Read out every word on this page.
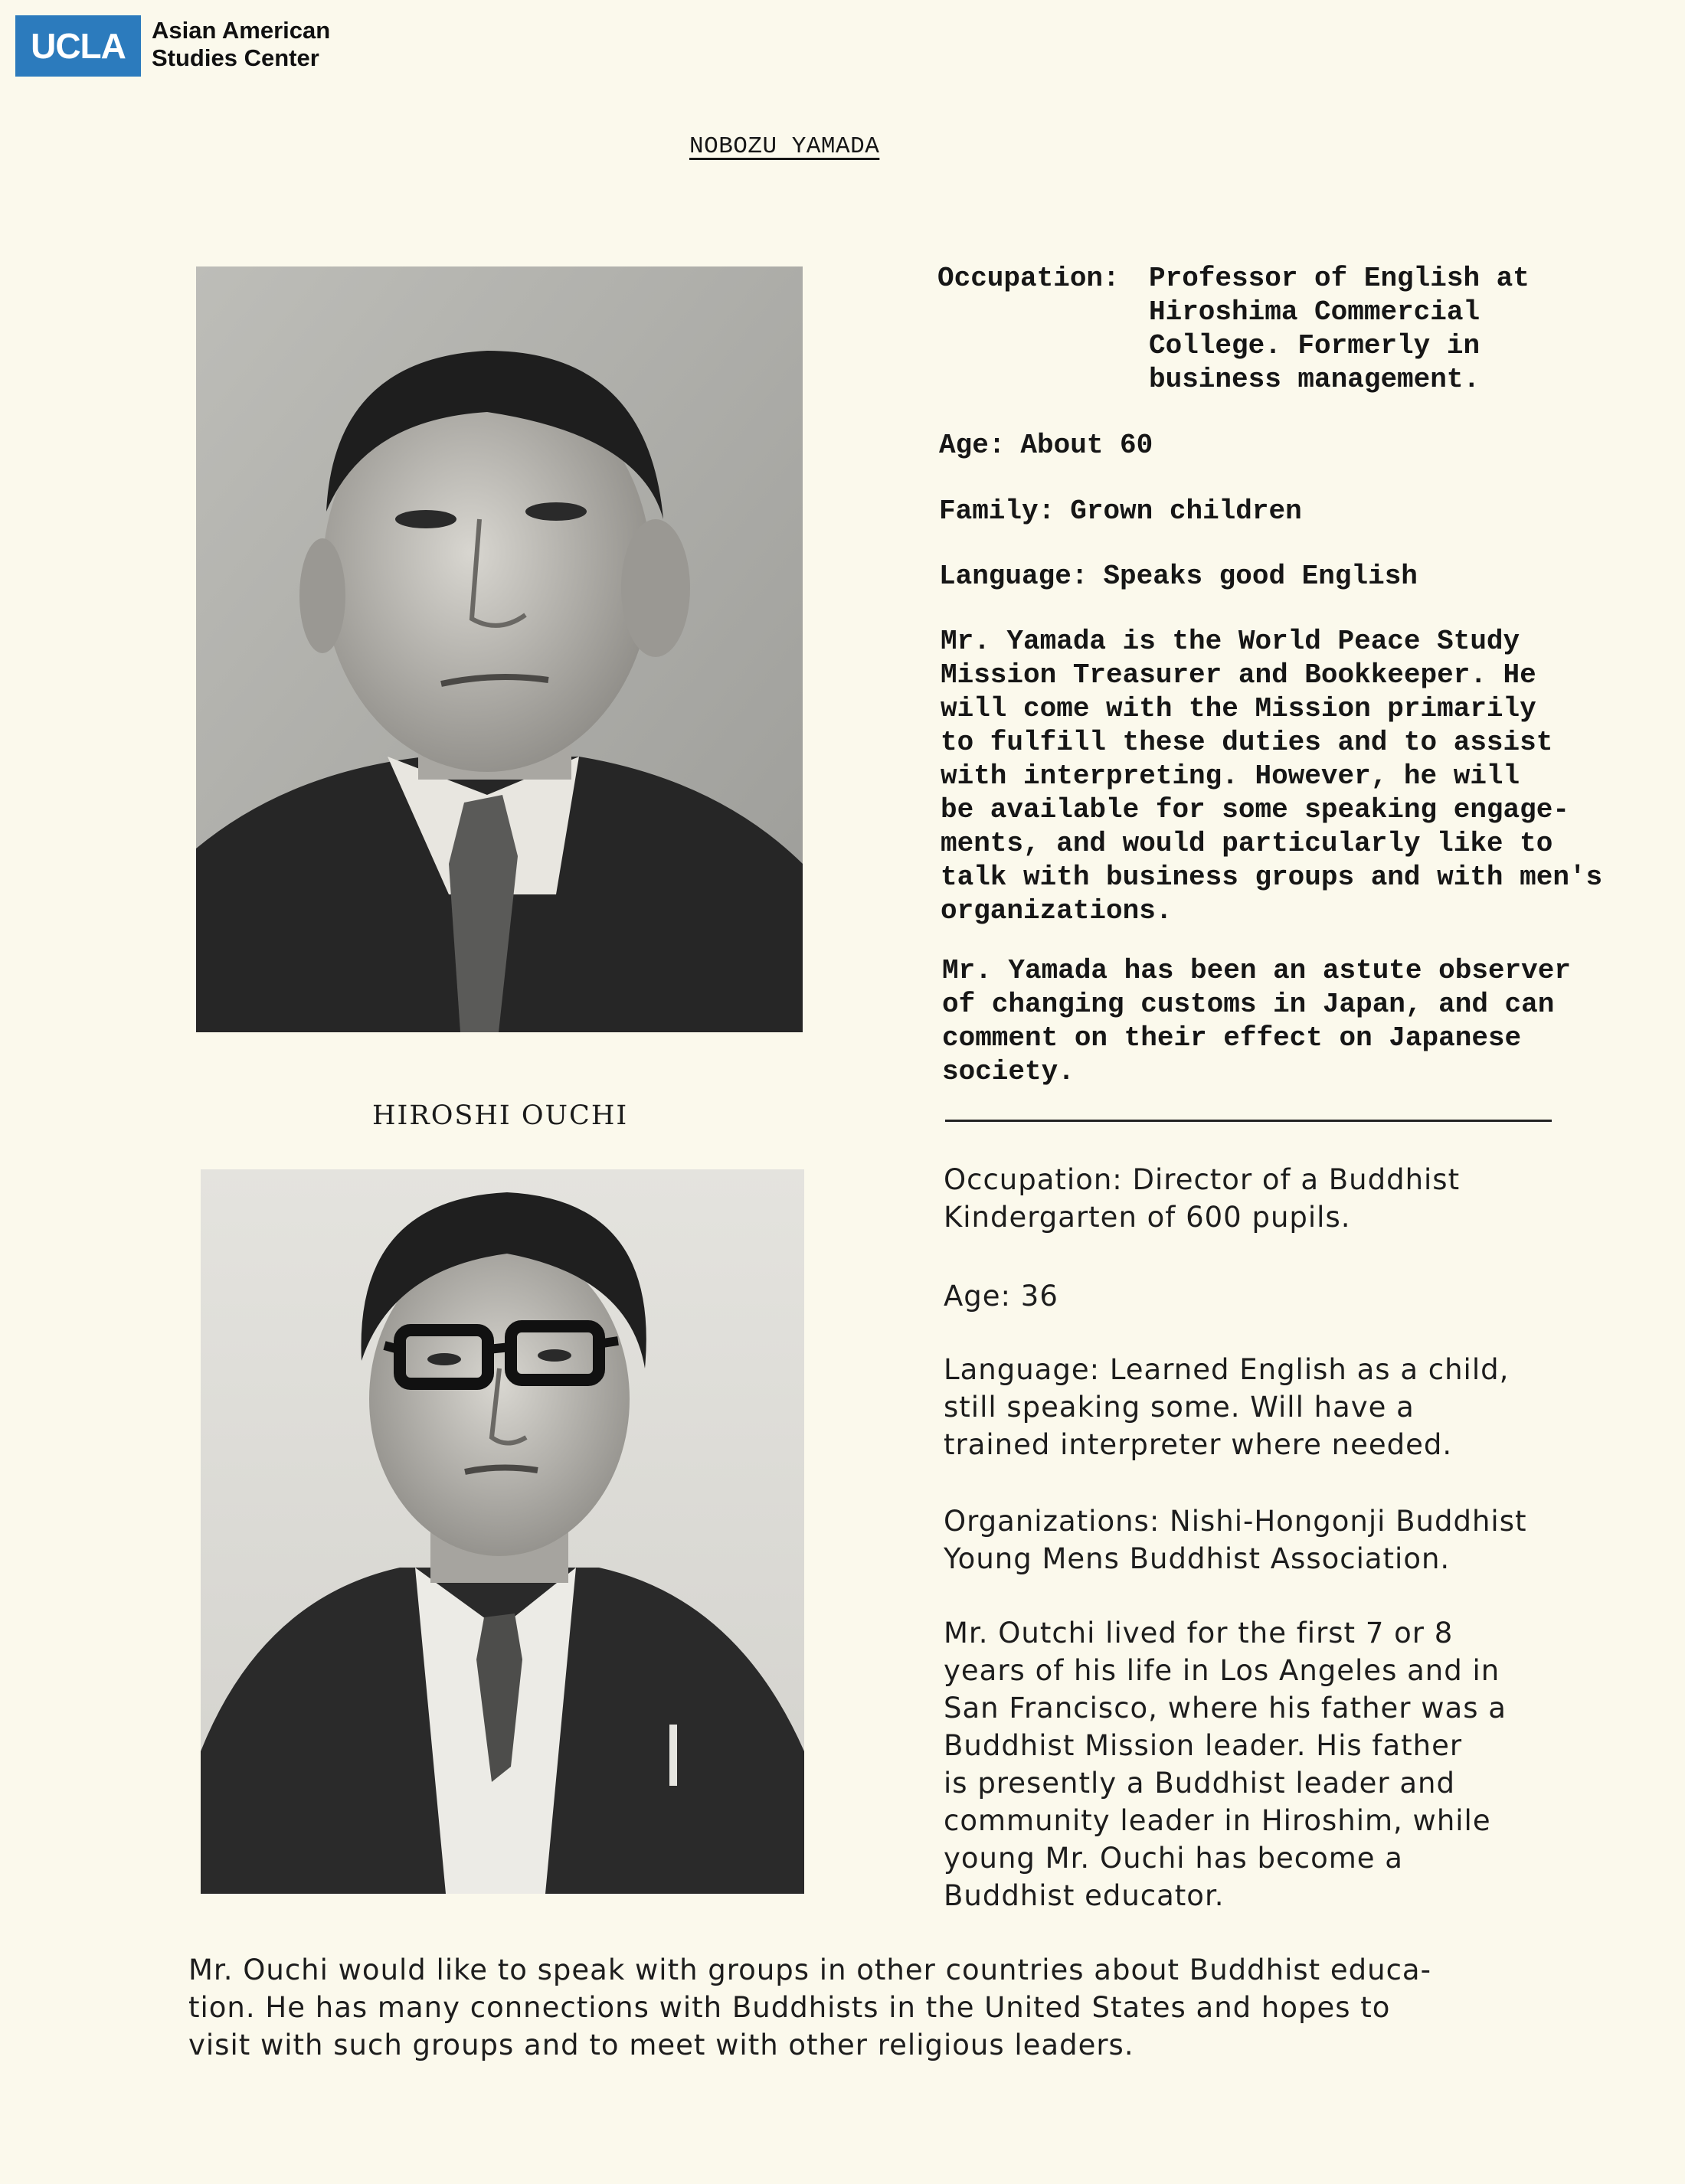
UCLA	Asian American
Studies Center
NOBOZU YAMADA
Occupation: Professor of English at
Hiroshima Commercial
College. Formerly in
business management.
Age: About 60
Family: Grown children
Language: Speaks good English
Mr. Yamada is the World Peace Study
Mission Treasurer and Bookkeeper. He
will come with the Mission primarily
to fulfill these duties and to assist
with interpreting. However, he will
be available for some speaking engage-
ments, and would particularly like to
talk with business groups and with men's
organizations.
Mr. Yamada has been an astute observer
of changing customs in Japan, and can
comment on their effect on Japanese
society.
HIROSHI OUCHI
Occupation: Director of a Buddhist
Kindergarten of 600 pupils.
Age: 36
Language: Learned English as a child,
still speaking some. Will have a
trained interpreter where needed.
Organizations: Nishi-Hongonji Buddhist
Young Mens Buddhist Association.
Mr. Outchi lived for the first 7 or 8
years of his life in Los Angeles and in
San Francisco, where his father was a
Buddhist Mission leader. His father
is presently a Buddhist leader and
community leader in Hiroshim, while
young Mr. Ouchi has become a
Buddhist educator.
Mr. Ouchi would like to speak with groups in other countries about Buddhist educa-
tion. He has many connections with Buddhists in the United States and hopes to
visit with such groups and to meet with other religious leaders.
